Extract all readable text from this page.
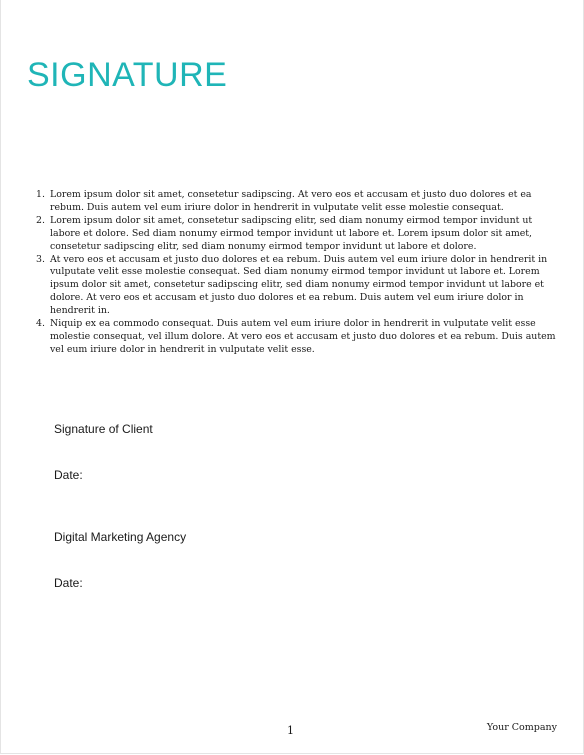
SIGNATURE
Lorem ipsum dolor sit amet, consetetur sadipscing. At vero eos et accusam et justo duo dolores et ea rebum. Duis autem vel eum iriure dolor in hendrerit in vulputate velit esse molestie consequat.
Lorem ipsum dolor sit amet, consetetur sadipscing elitr, sed diam nonumy eirmod tempor invidunt ut labore et dolore. Sed diam nonumy eirmod tempor invidunt ut labore et. Lorem ipsum dolor sit amet, consetetur sadipscing elitr, sed diam nonumy eirmod tempor invidunt ut labore et dolore.
At vero eos et accusam et justo duo dolores et ea rebum. Duis autem vel eum iriure dolor in hendrerit in vulputate velit esse molestie consequat. Sed diam nonumy eirmod tempor invidunt ut labore et. Lorem ipsum dolor sit amet, consetetur sadipscing elitr, sed diam nonumy eirmod tempor invidunt ut labore et dolore. At vero eos et accusam et justo duo dolores et ea rebum. Duis autem vel eum iriure dolor in hendrerit in.
Niquip ex ea commodo consequat. Duis autem vel eum iriure dolor in hendrerit in vulputate velit esse molestie consequat, vel illum dolore. At vero eos et accusam et justo duo dolores et ea rebum. Duis autem vel eum iriure dolor in hendrerit in vulputate velit esse.

Signature of Client

Date:

Digital Marketing Agency

Date:

1	Your Company
